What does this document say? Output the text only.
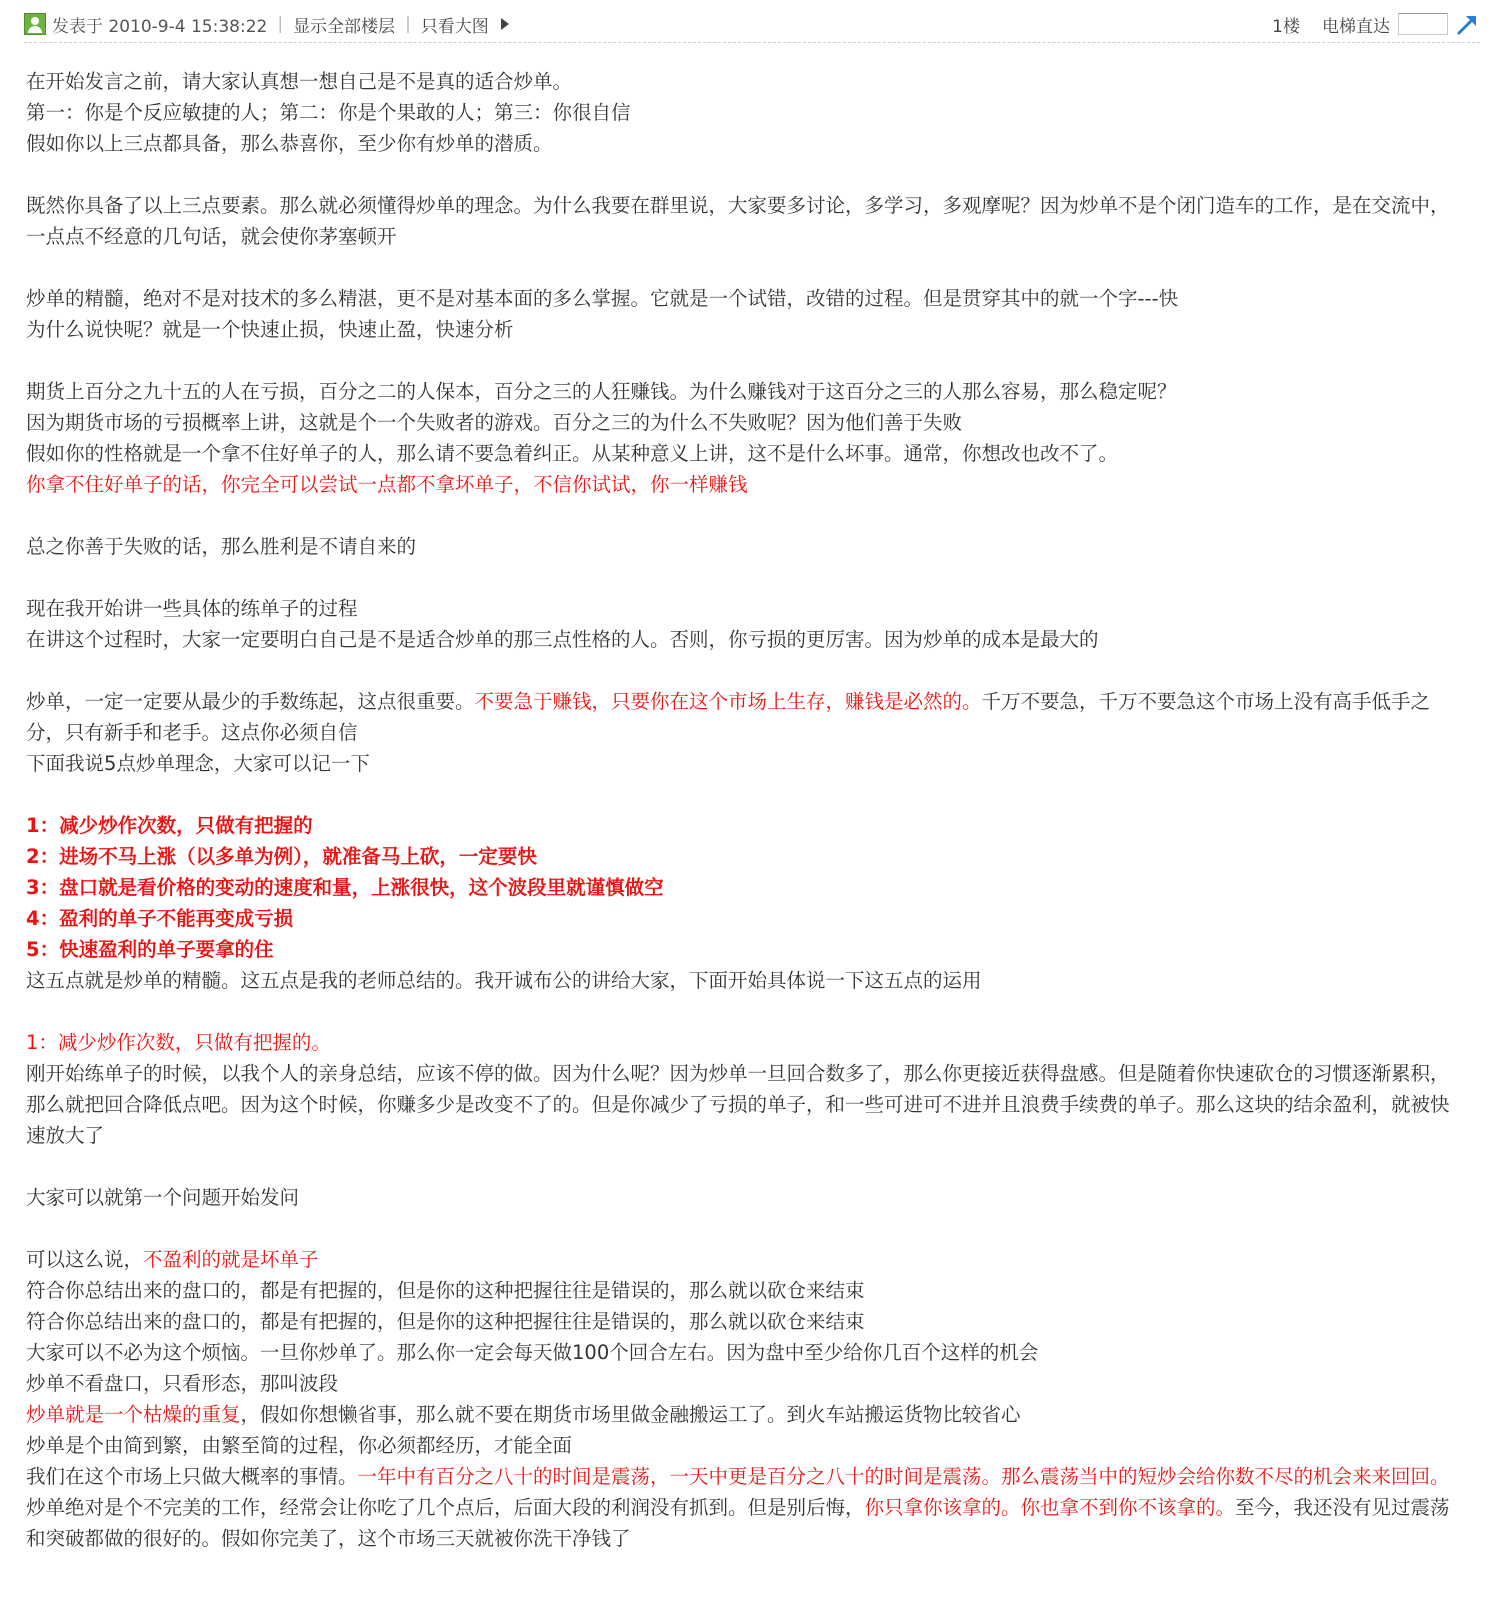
发表于 2010-9-4 15:38:22 | 显示全部楼层 | 只看大图	1楼 电梯直达

在开始发言之前，请大家认真想一想自己是不是真的适合炒单。

第一：你是个反应敏捷的人；第二：你是个果敢的人；第三：你很自信

假如你以上三点都具备，那么恭喜你，至少你有炒单的潜质。

既然你具备了以上三点要素。那么就必须懂得炒单的理念。为什么我要在群里说，大家要多讨论，多学习，多观摩呢？因为炒单不是个闭门造车的工作，是在交流中，一点点不经意的几句话，就会使你茅塞顿开

炒单的精髓，绝对不是对技术的多么精湛，更不是对基本面的多么掌握。它就是一个试错，改错的过程。但是贯穿其中的就一个字---快

为什么说快呢？就是一个快速止损，快速止盈，快速分析

期货上百分之九十五的人在亏损，百分之二的人保本，百分之三的人狂赚钱。为什么赚钱对于这百分之三的人那么容易，那么稳定呢？

因为期货市场的亏损概率上讲，这就是个一个失败者的游戏。百分之三的为什么不失败呢？因为他们善于失败

假如你的性格就是一个拿不住好单子的人，那么请不要急着纠正。从某种意义上讲，这不是什么坏事。通常，你想改也改不了。

你拿不住好单子的话，你完全可以尝试一点都不拿坏单子，不信你试试，你一样赚钱

总之你善于失败的话，那么胜利是不请自来的

现在我开始讲一些具体的练单子的过程

在讲这个过程时，大家一定要明白自己是不是适合炒单的那三点性格的人。否则，你亏损的更厉害。因为炒单的成本是最大的

炒单，一定一定要从最少的手数练起，这点很重要。不要急于赚钱，只要你在这个市场上生存，赚钱是必然的。千万不要急，千万不要急这个市场上没有高手低手之分，只有新手和老手。这点你必须自信

下面我说5点炒单理念，大家可以记一下

1：减少炒作次数，只做有把握的

2：进场不马上涨（以多单为例），就准备马上砍，一定要快

3：盘口就是看价格的变动的速度和量，上涨很快，这个波段里就谨慎做空

4：盈利的单子不能再变成亏损

5：快速盈利的单子要拿的住

这五点就是炒单的精髓。这五点是我的老师总结的。我开诚布公的讲给大家，下面开始具体说一下这五点的运用

1：减少炒作次数，只做有把握的。

刚开始练单子的时候，以我个人的亲身总结，应该不停的做。因为什么呢？因为炒单一旦回合数多了，那么你更接近获得盘感。但是随着你快速砍仓的习惯逐渐累积，那么就把回合降低点吧。因为这个时候，你赚多少是改变不了的。但是你减少了亏损的单子，和一些可进可不进并且浪费手续费的单子。那么这块的结余盈利，就被快速放大了

大家可以就第一个问题开始发问

可以这么说，不盈利的就是坏单子

符合你总结出来的盘口的，都是有把握的，但是你的这种把握往往是错误的，那么就以砍仓来结束

符合你总结出来的盘口的，都是有把握的，但是你的这种把握往往是错误的，那么就以砍仓来结束

大家可以不必为这个烦恼。一旦你炒单了。那么你一定会每天做100个回合左右。因为盘中至少给你几百个这样的机会

炒单不看盘口，只看形态，那叫波段

炒单就是一个枯燥的重复，假如你想懒省事，那么就不要在期货市场里做金融搬运工了。到火车站搬运货物比较省心

炒单是个由简到繁，由繁至简的过程，你必须都经历，才能全面

我们在这个市场上只做大概率的事情。一年中有百分之八十的时间是震荡，一天中更是百分之八十的时间是震荡。那么震荡当中的短炒会给你数不尽的机会来来回回。炒单绝对是个不完美的工作，经常会让你吃了几个点后，后面大段的利润没有抓到。但是别后悔，你只拿你该拿的。你也拿不到你不该拿的。至今，我还没有见过震荡和突破都做的很好的。假如你完美了，这个市场三天就被你洗干净钱了
